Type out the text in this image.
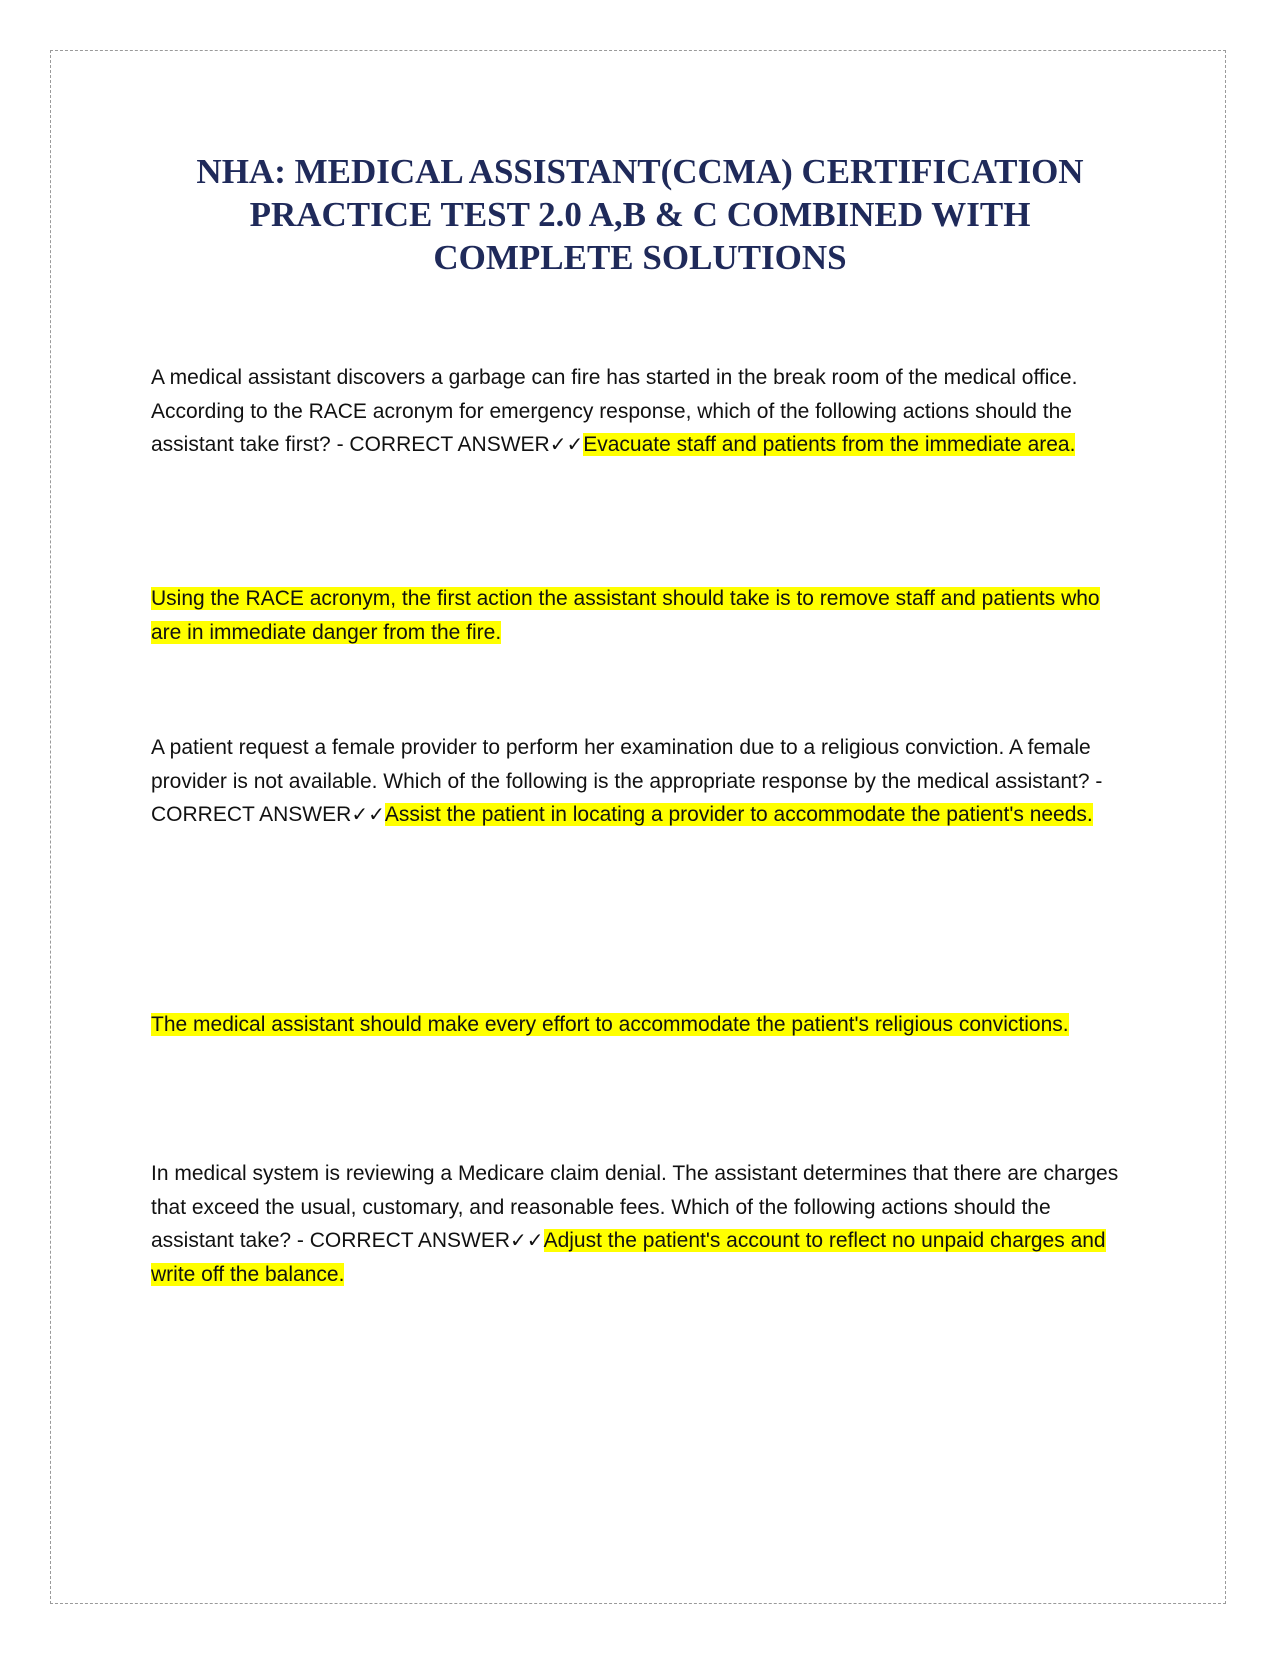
NHA: MEDICAL ASSISTANT(CCMA) CERTIFICATION
PRACTICE TEST 2.0 A,B & C COMBINED WITH
COMPLETE SOLUTIONS

A medical assistant discovers a garbage can fire has started in the break room of the medical office. According to the RACE acronym for emergency response, which of the following actions should the assistant take first? - CORRECT ANSWER✓✓Evacuate staff and patients from the immediate area.

Using the RACE acronym, the first action the assistant should take is to remove staff and patients who are in immediate danger from the fire.

A patient request a female provider to perform her examination due to a religious conviction. A female provider is not available. Which of the following is the appropriate response by the medical assistant? - CORRECT ANSWER✓✓Assist the patient in locating a provider to accommodate the patient's needs.

The medical assistant should make every effort to accommodate the patient's religious convictions.

In medical system is reviewing a Medicare claim denial. The assistant determines that there are charges that exceed the usual, customary, and reasonable fees. Which of the following actions should the assistant take? - CORRECT ANSWER✓✓Adjust the patient's account to reflect no unpaid charges and write off the balance.
